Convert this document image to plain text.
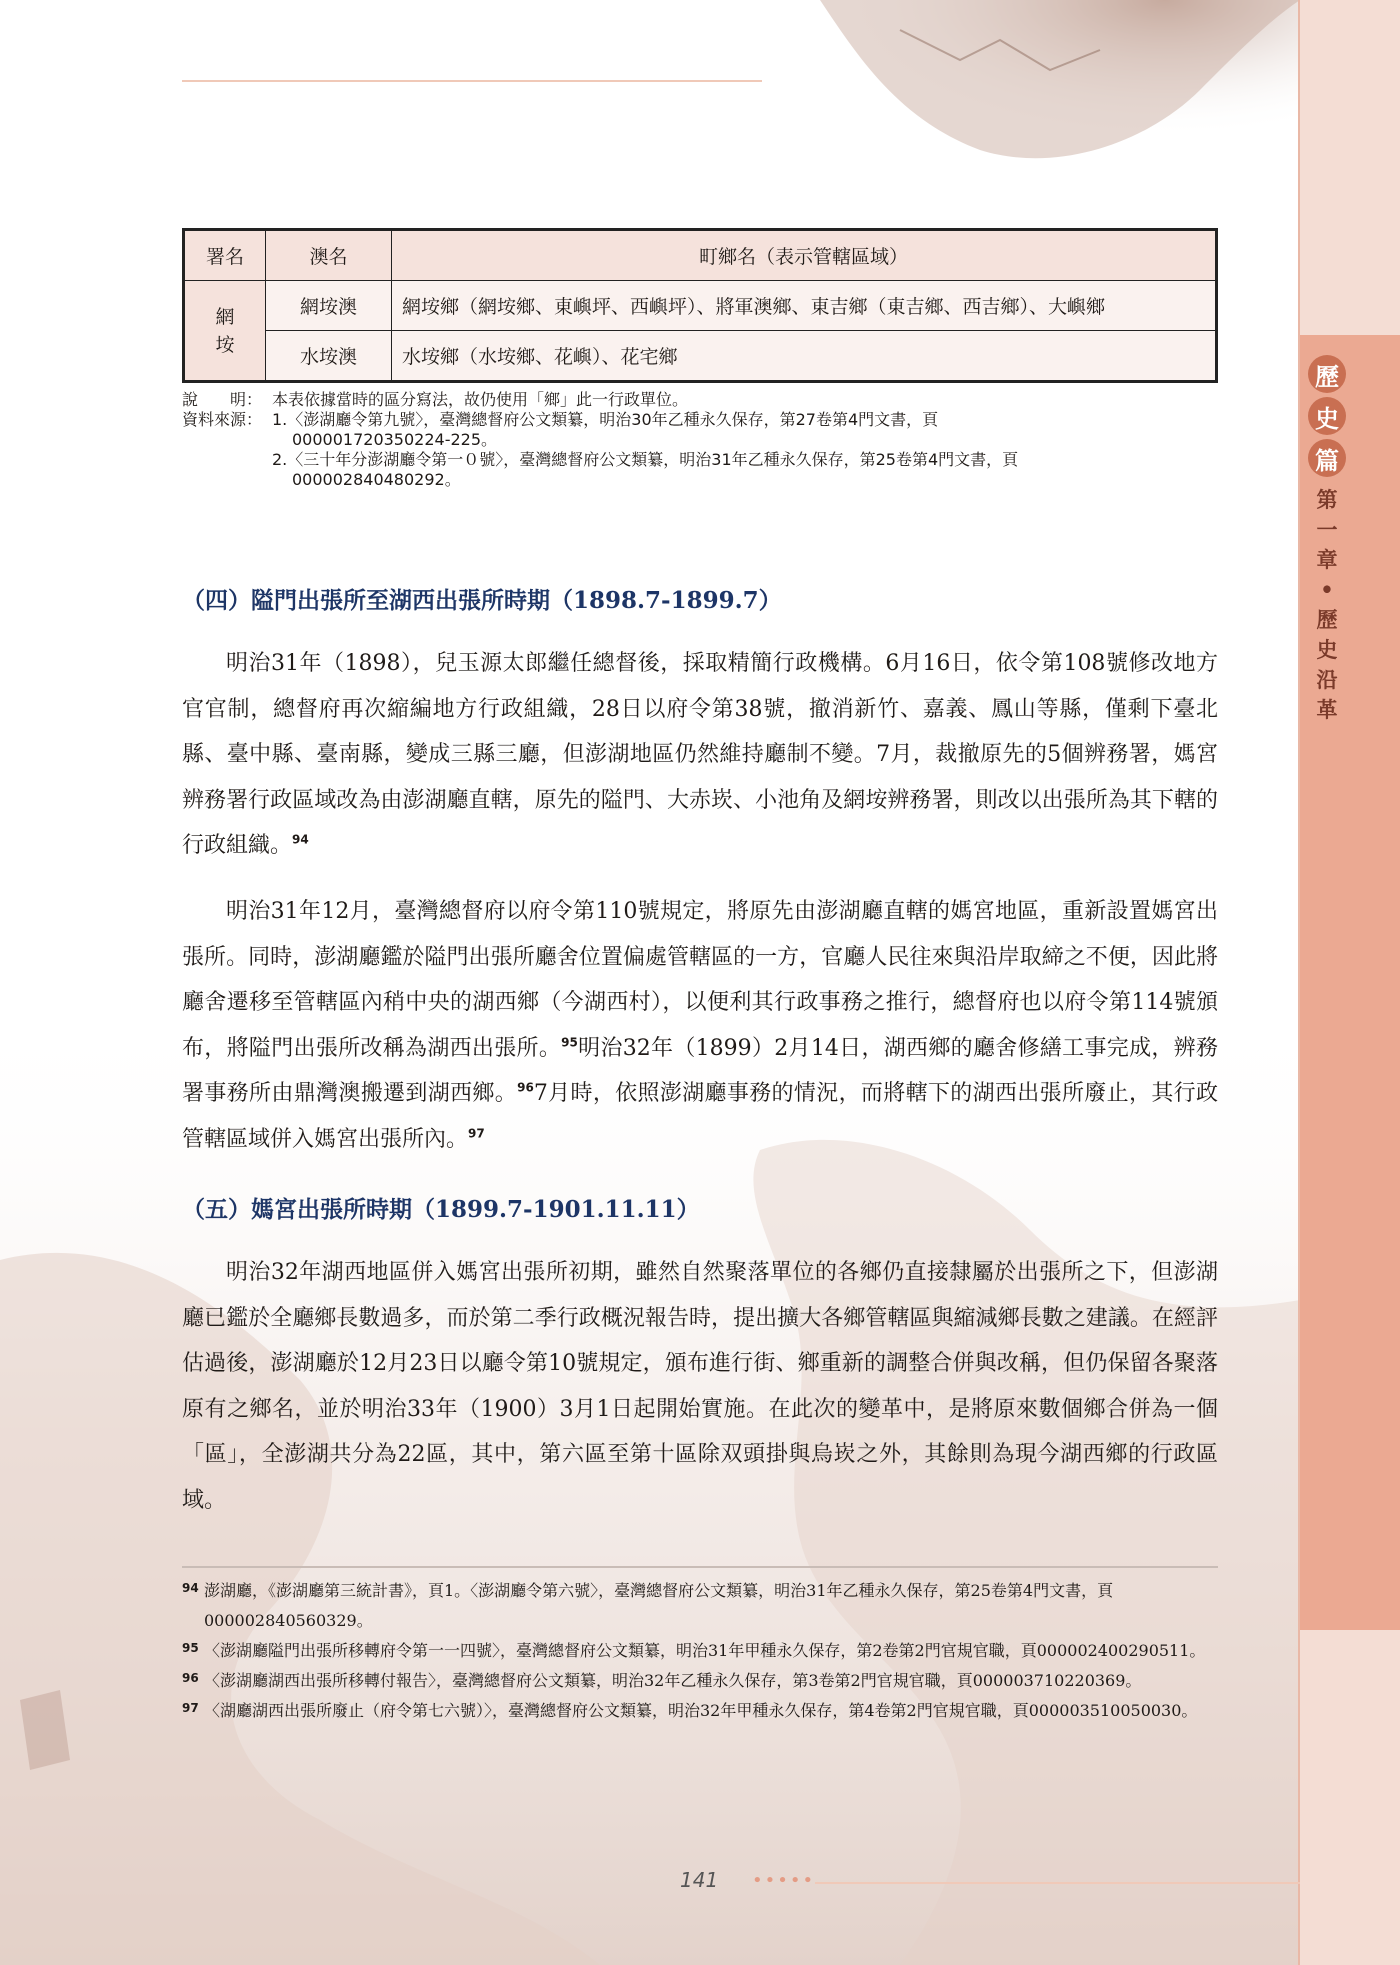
歷
史
篇
第
一
章
•
歷
史
沿
革
署名	澳名	町鄉名（表示管轄區域）
網垵	網垵澳	網垵鄉（網垵鄉、東嶼坪、西嶼坪）、將軍澳鄉、東吉鄉（東吉鄉、西吉鄉）、大嶼鄉
	水垵澳	水垵鄉（水垵鄉、花嶼）、花宅鄉
說　　明： 本表依據當時的區分寫法，故仍使用「鄉」此一行政單位。
資料來源： 1.〈澎湖廳令第九號〉，臺灣總督府公文類纂，明治30年乙種永久保存，第27卷第4門文書，頁
000001720350224-225。
2.〈三十年分澎湖廳令第一０號〉，臺灣總督府公文類纂，明治31年乙種永久保存，第25卷第4門文書，頁
000002840480292。
（四）隘門出張所至湖西出張所時期（1898.7-1899.7）

明治31年（1898），兒玉源太郎繼任總督後，採取精簡行政機構。6月16日，依令第108號修改地方官官制，總督府再次縮編地方行政組織，28日以府令第38號，撤消新竹、嘉義、鳳山等縣，僅剩下臺北縣、臺中縣、臺南縣，變成三縣三廳，但澎湖地區仍然維持廳制不變。7月，裁撤原先的5個辨務署，媽宮辨務署行政區域改為由澎湖廳直轄，原先的隘門、大赤崁、小池角及網垵辨務署，則改以出張所為其下轄的行政組織。$^{94}$

明治31年12月，臺灣總督府以府令第110號規定，將原先由澎湖廳直轄的媽宮地區，重新設置媽宮出張所。同時，澎湖廳鑑於隘門出張所廳舍位置偏處管轄區的一方，官廳人民往來與沿岸取締之不便，因此將廳舍遷移至管轄區內稍中央的湖西鄉（今湖西村），以便利其行政事務之推行，總督府也以府令第114號頒布，將隘門出張所改稱為湖西出張所。$^{95}$明治32年（1899）2月14日，湖西鄉的廳舍修繕工事完成，辨務署事務所由鼎灣澳搬遷到湖西鄉。$^{96}$7月時，依照澎湖廳事務的情況，而將轄下的湖西出張所廢止，其行政管轄區域併入媽宮出張所內。$^{97}$

（五）媽宮出張所時期（1899.7-1901.11.11）

明治32年湖西地區併入媽宮出張所初期，雖然自然聚落單位的各鄉仍直接隸屬於出張所之下，但澎湖廳已鑑於全廳鄉長數過多，而於第二季行政概況報告時，提出擴大各鄉管轄區與縮減鄉長數之建議。在經評估過後，澎湖廳於12月23日以廳令第10號規定，頒布進行街、鄉重新的調整合併與改稱，但仍保留各聚落原有之鄉名，並於明治33年（1900）3月1日起開始實施。在此次的變革中，是將原來數個鄉合併為一個「區」，全澎湖共分為22區，其中，第六區至第十區除双頭掛與烏崁之外，其餘則為現今湖西鄉的行政區域。

94 澎湖廳，《澎湖廳第三統計書》，頁1。〈澎湖廳令第六號〉，臺灣總督府公文類纂，明治31年乙種永久保存，第25卷第4門文書，頁000002840560329。
95 〈澎湖廳隘門出張所移轉府令第一一四號〉，臺灣總督府公文類纂，明治31年甲種永久保存，第2卷第2門官規官職，頁000002400290511。
96 〈澎湖廳湖西出張所移轉付報告〉，臺灣總督府公文類纂，明治32年乙種永久保存，第3卷第2門官規官職，頁000003710220369。
97 〈湖廳湖西出張所廢止（府令第七六號）〉，臺灣總督府公文類纂，明治32年甲種永久保存，第4卷第2門官規官職，頁000003510050030。
141 •••••
